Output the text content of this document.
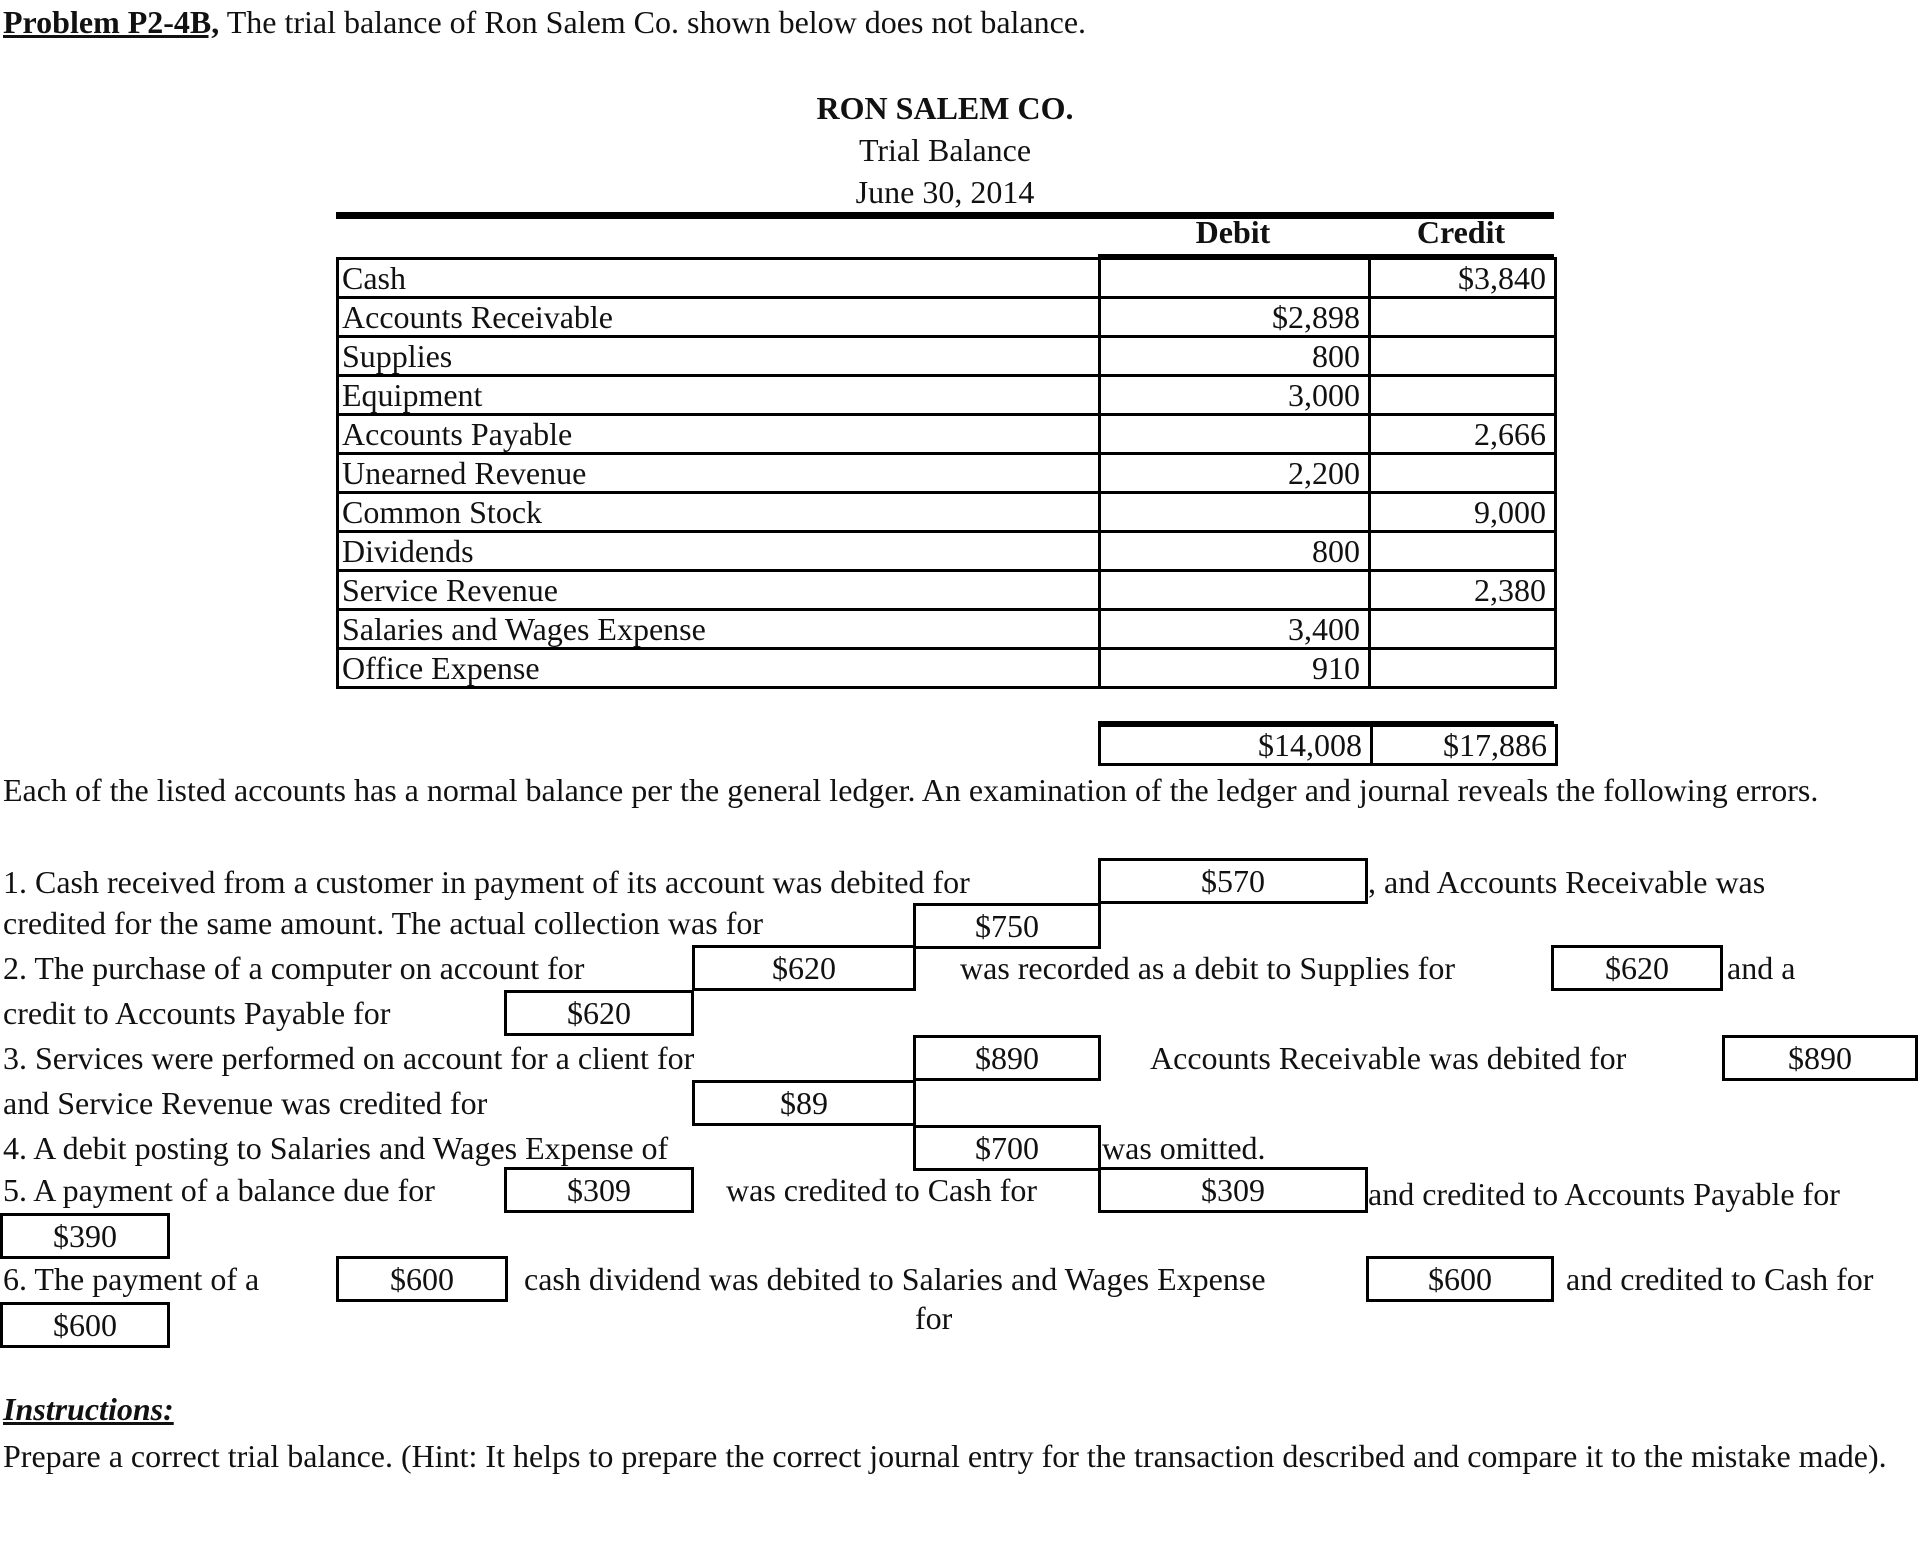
Problem P2-4B, The trial balance of Ron Salem Co. shown below does not balance.
RON SALEM CO.
Trial Balance
June 30, 2014
Debit	Credit
Cash		$3,840
Accounts Receivable	$2,898	
Supplies	800	
Equipment	3,000	
Accounts Payable		2,666
Unearned Revenue	2,200	
Common Stock		9,000
Dividends	800	
Service Revenue		2,380
Salaries and Wages Expense	3,400	
Office Expense	910	
$14,008	$17,886
Each of the listed accounts has a normal balance per the general ledger. An examination of the ledger and journal reveals the following errors.
1. Cash received from a customer in payment of its account was debited for	$570	, and Accounts Receivable was
credited for the same amount. The actual collection was for	$750
2. The purchase of a computer on account for	$620	was recorded as a debit to Supplies for	$620	and a
credit to Accounts Payable for	$620
3. Services were performed on account for a client for	$890	Accounts Receivable was debited for	$890
and Service Revenue was credited for	$89
4. A debit posting to Salaries and Wages Expense of	$700	was omitted.
5. A payment of a balance due for	$309	was credited to Cash for	$309	and credited to Accounts Payable for
$390
6. The payment of a	$600	cash dividend was debited to Salaries and Wages Expense
for
$600	and credited to Cash for
$600
Instructions:
Prepare a correct trial balance. (Hint: It helps to prepare the correct journal entry for the transaction described and compare it to the mistake made).
